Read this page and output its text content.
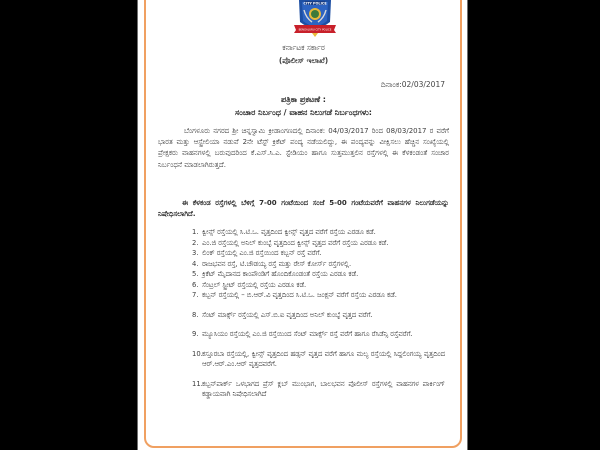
CITY POLICE
BENGALURU CITY POLICE
ಕರ್ನಾಟಕ ಸರ್ಕಾರ
(ಪೊಲೀಸ್ ಇಲಾಖೆ)
ದಿನಾಂಕ:02/03/2017
ಪತ್ರಿಕಾ ಪ್ರಕಟಣೆ :
ಸಂಚಾರ ನಿರ್ಬಂಧ / ವಾಹನ ನಿಲುಗಡೆ ನಿರ್ಬಂಧಗಳು:
ಬೆಂಗಳೂರು ನಗರದ ಶ್ರೀ ಚಿನ್ನಸ್ವಾಮಿ ಕ್ರೀಡಾಂಗಣದಲ್ಲಿ ದಿನಾಂಕ: 04/03/2017 ರಿಂದ 08/03/2017 ರ ವರೆಗೆ ಭಾರತ ಮತ್ತು ಆಸ್ಟ್ರೇಲಿಯಾ ನಡುವೆ 2ನೇ ಟೆಸ್ಟ್ ಕ್ರಿಕೆಟ್ ಪಂದ್ಯ ನಡೆಯಲಿದ್ದು, ಈ ಪಂದ್ಯವನ್ನು ವೀಕ್ಷಿಸಲು ಹೆಚ್ಚಿನ ಸಂಖ್ಯೆಯಲ್ಲಿ ಪ್ರೇಕ್ಷಕರು ವಾಹನಗಳಲ್ಲಿ ಬರುವುದರಿಂದ ಕೆ.ಎಸ್.ಸಿ.ಎ. ಸ್ಟೇಡಿಯಂ ಹಾಗೂ ಸುತ್ತಮುತ್ತಲಿನ ರಸ್ತೆಗಳಲ್ಲಿ ಈ ಕೆಳಕಂಡಂತೆ ಸಂಚಾರ ನಿರ್ಬಂಧನೆ ಮಾಡಲಾಗಿರುತ್ತದೆ.
ಈ ಕೆಳಕಂಡ ರಸ್ತೆಗಳಲ್ಲಿ ಬೆಳಿಗ್ಗೆ 7-00 ಗಂಟೆಯಿಂದ ಸಂಜೆ 5-00 ಗಂಟೆಯವರೆಗೆ ವಾಹನಗಳ ನಿಲುಗಡೆಯನ್ನು ನಿಷೇಧಿಸಲಾಗಿದೆ.
1. ಕ್ವೀನ್ಸ್ ರಸ್ತೆಯಲ್ಲಿ ಸಿ.ಟಿ.ಒ. ವೃತ್ತದಿಂದ ಕ್ವೀನ್ಸ್ ವೃತ್ತದ ವರೆಗೆ ರಸ್ತೆಯ ಎರಡೂ ಕಡೆ.
2. ಎಂ.ಜಿ ರಸ್ತೆಯಲ್ಲಿ ಅನಿಲ್ ಕುಂಬ್ಳೆ ವೃತ್ತದಿಂದ ಕ್ವೀನ್ಸ್ ವೃತ್ತದ ವರೆಗೆ ರಸ್ತೆಯ ಎರಡೂ ಕಡೆ.
3. ಲಿಂಕ್ ರಸ್ತೆಯಲ್ಲಿ ಎಂ.ಜಿ ರಸ್ತೆಯಿಂದ ಕಬ್ಬನ್ ರಸ್ತೆ ವರೆಗೆ.
4. ರಾಜಭವನ ರಸ್ತೆ, ಟಿ.ಚೌಡಯ್ಯ ರಸ್ತೆ ಮತ್ತು ರೇಸ್ ಕೋರ್ಸ್ ರಸ್ತೆಗಳಲ್ಲಿ.
5. ಕ್ರಿಕೆಟ್ ಮೈದಾನದ ಕಾಂಪೌಂಡಿಗೆ ಹೊಂದಿಕೊಂಡಂತೆ ರಸ್ತೆಯ ಎರಡೂ ಕಡೆ.
6. ಸೆಂಟ್ರಲ್ ಸ್ಟ್ರೀಟ್ ರಸ್ತೆಯಲ್ಲಿ ರಸ್ತೆಯ ಎರಡೂ ಕಡೆ.
7. ಕಬ್ಬನ್ ರಸ್ತೆಯಲ್ಲಿ – ಬಿ.ಆರ್.ವಿ ವೃತ್ತದಿಂದ ಸಿ.ಟಿ.ಒ. ಜಂಕ್ಷನ್ ವರೆಗೆ ರಸ್ತೆಯ ಎರಡೂ ಕಡೆ.
8. ಸೆಂಟ್ ಮಾರ್ಕ್ಸ್ ರಸ್ತೆಯಲ್ಲಿ ಎಸ್.ಬಿ.ಐ ವೃತ್ತದಿಂದ ಅನಿಲ್ ಕುಂಬ್ಳೆ ವೃತ್ತದ ವರೆಗೆ.
9. ಮ್ಯೂಸಿಯಂ ರಸ್ತೆಯಲ್ಲಿ ಎಂ.ಜಿ ರಸ್ತೆಯಿಂದ ಸೆಂಟ್ ಮಾರ್ಕ್ಸ್ ರಸ್ತೆ ವರೆಗೆ ಹಾಗೂ ರೆಸಿಡೆನ್ಸಿ ರಸ್ತೆವರೆಗೆ.
10. ಕಸ್ತೂರಬಾ ರಸ್ತೆಯಲ್ಲಿ, ಕ್ವೀನ್ಸ್ ವೃತ್ತದಿಂದ ಹಡ್ಸನ್ ವೃತ್ತದ ವರೆಗೆ ಹಾಗೂ ಮಲ್ಯ ರಸ್ತೆಯಲ್ಲಿ ಸಿದ್ದಲಿಂಗಯ್ಯ ವೃತ್ತದಿಂದ ಆರ್.ಆರ್.ಎಂ.ಆರ್ ವೃತ್ತದವರೆಗೆ.
11. ಕಬ್ಬನ್‌ಪಾರ್ಕ್ ಒಳಭಾಗದ ಪ್ರೆಸ್ ಕ್ಲಬ್ ಮುಂಭಾಗ, ಬಾಲಭವನ ಪೊಲೀಸ್ ರಸ್ತೆಗಳಲ್ಲಿ ವಾಹನಗಳ ಪಾರ್ಕಿಂಗ್ ಕಡ್ಡಾಯವಾಗಿ ನಿಷೇಧಿಸಲಾಗಿದೆ
